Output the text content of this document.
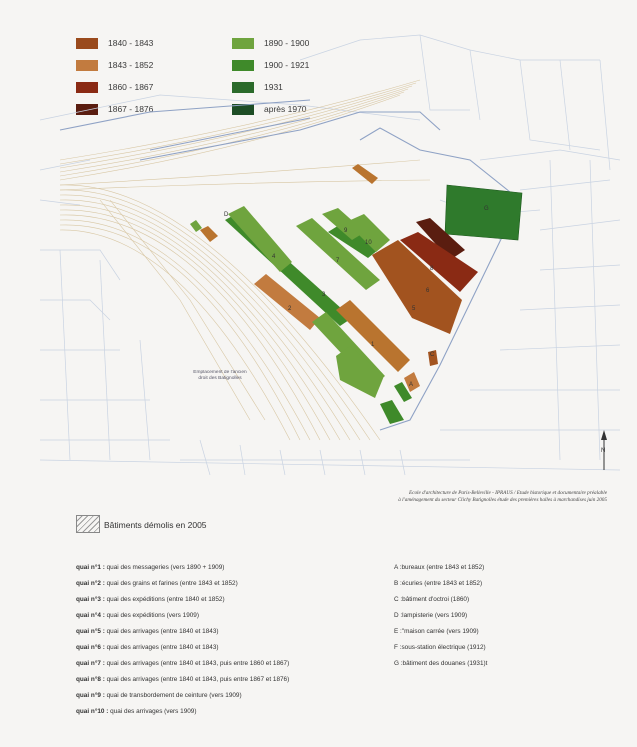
1840 - 1843
1843 - 1852
1860 - 1867
1867 - 1876
1890 - 1900
1900 - 1921
1931
après 1970
1
2
3
4
5
6
7
8
9
10
A
C
D
G
Emplacement de l'ancien droit des Batignolles
N
Ecole d'architecture de Paris-Belleville - IPRAUS / Etude historique et documentaire préalable
à l'aménagement du secteur Clichy Batignolles étude des premières halles à marchandises juin 2005
Bâtiments démolis en 2005
quai n°1 : quai des messageries (vers 1890 + 1909)
quai n°2 : quai des grains et farines (entre 1843 et 1852)
quai n°3 : quai des expéditions (entre 1840 et 1852)
quai n°4 : quai des expéditions (vers 1909)
quai n°5 : quai des arrivages (entre 1840 et 1843)
quai n°6 : quai des arrivages (entre 1840 et 1843)
quai n°7 : quai des arrivages (entre 1840 et 1843, puis entre 1860 et 1867)
quai n°8 : quai des arrivages (entre 1840 et 1843, puis entre 1867 et 1876)
quai n°9 : quai de transbordement de ceinture (vers 1909)
quai n°10 : quai des arrivages (vers 1909)
A :bureaux (entre 1843 et 1852)
B :écuries (entre 1843 et 1852)
C :bâtiment d'octroi (1860)
D :lampisterie (vers 1909)
E :"maison carrée (vers 1909)
F :sous-station électrique (1912)
G :bâtiment des douanes (1931)t
